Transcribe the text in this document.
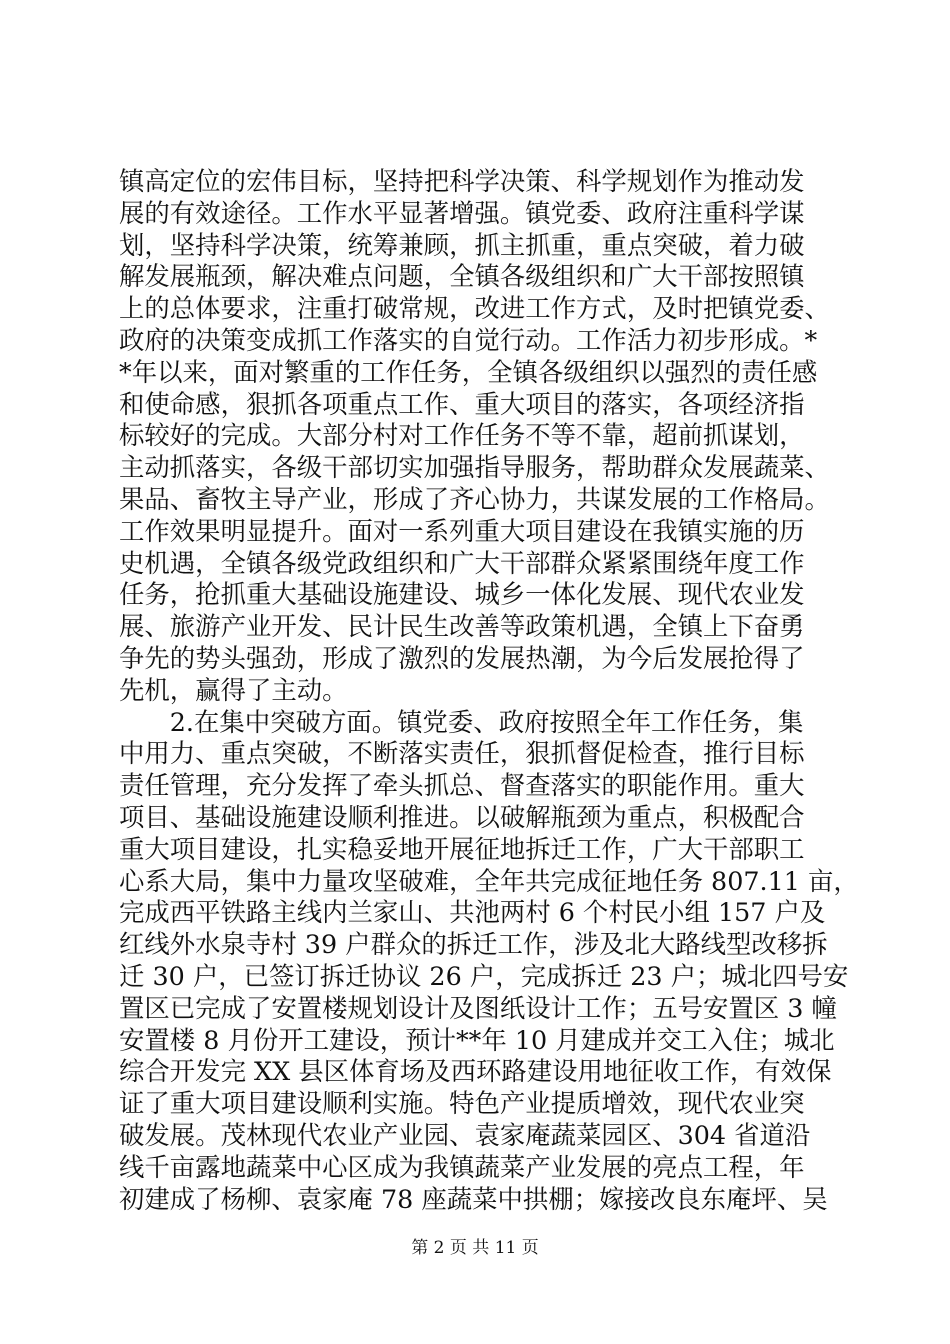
镇高定位的宏伟目标，坚持把科学决策、科学规划作为推动发
展的有效途径。工作水平显著增强。镇党委、政府注重科学谋
划，坚持科学决策，统筹兼顾，抓主抓重，重点突破，着力破
解发展瓶颈，解决难点问题，全镇各级组织和广大干部按照镇
上的总体要求，注重打破常规，改进工作方式，及时把镇党委、
政府的决策变成抓工作落实的自觉行动。工作活力初步形成。*
*年以来，面对繁重的工作任务，全镇各级组织以强烈的责任感
和使命感，狠抓各项重点工作、重大项目的落实，各项经济指
标较好的完成。大部分村对工作任务不等不靠，超前抓谋划，
主动抓落实，各级干部切实加强指导服务，帮助群众发展蔬菜、
果品、畜牧主导产业，形成了齐心协力，共谋发展的工作格局。
工作效果明显提升。面对一系列重大项目建设在我镇实施的历
史机遇，全镇各级党政组织和广大干部群众紧紧围绕年度工作
任务，抢抓重大基础设施建设、城乡一体化发展、现代农业发
展、旅游产业开发、民计民生改善等政策机遇，全镇上下奋勇
争先的势头强劲，形成了激烈的发展热潮，为今后发展抢得了
先机，赢得了主动。
　　2.在集中突破方面。镇党委、政府按照全年工作任务，集
中用力、重点突破，不断落实责任，狠抓督促检查，推行目标
责任管理，充分发挥了牵头抓总、督查落实的职能作用。重大
项目、基础设施建设顺利推进。以破解瓶颈为重点，积极配合
重大项目建设，扎实稳妥地开展征地拆迁工作，广大干部职工
心系大局，集中力量攻坚破难，全年共完成征地任务 807.11 亩，
完成西平铁路主线内兰家山、共池两村 6 个村民小组 157 户及
红线外水泉寺村 39 户群众的拆迁工作，涉及北大路线型改移拆
迁 30 户，已签订拆迁协议 26 户，完成拆迁 23 户；城北四号安
置区已完成了安置楼规划设计及图纸设计工作；五号安置区 3 幢
安置楼 8 月份开工建设，预计**年 10 月建成并交工入住；城北
综合开发完 XX 县区体育场及西环路建设用地征收工作，有效保
证了重大项目建设顺利实施。特色产业提质增效，现代农业突
破发展。茂林现代农业产业园、袁家庵蔬菜园区、304 省道沿
线千亩露地蔬菜中心区成为我镇蔬菜产业发展的亮点工程，年
初建成了杨柳、袁家庵 78 座蔬菜中拱棚；嫁接改良东庵坪、吴
第 2 页 共 11 页
